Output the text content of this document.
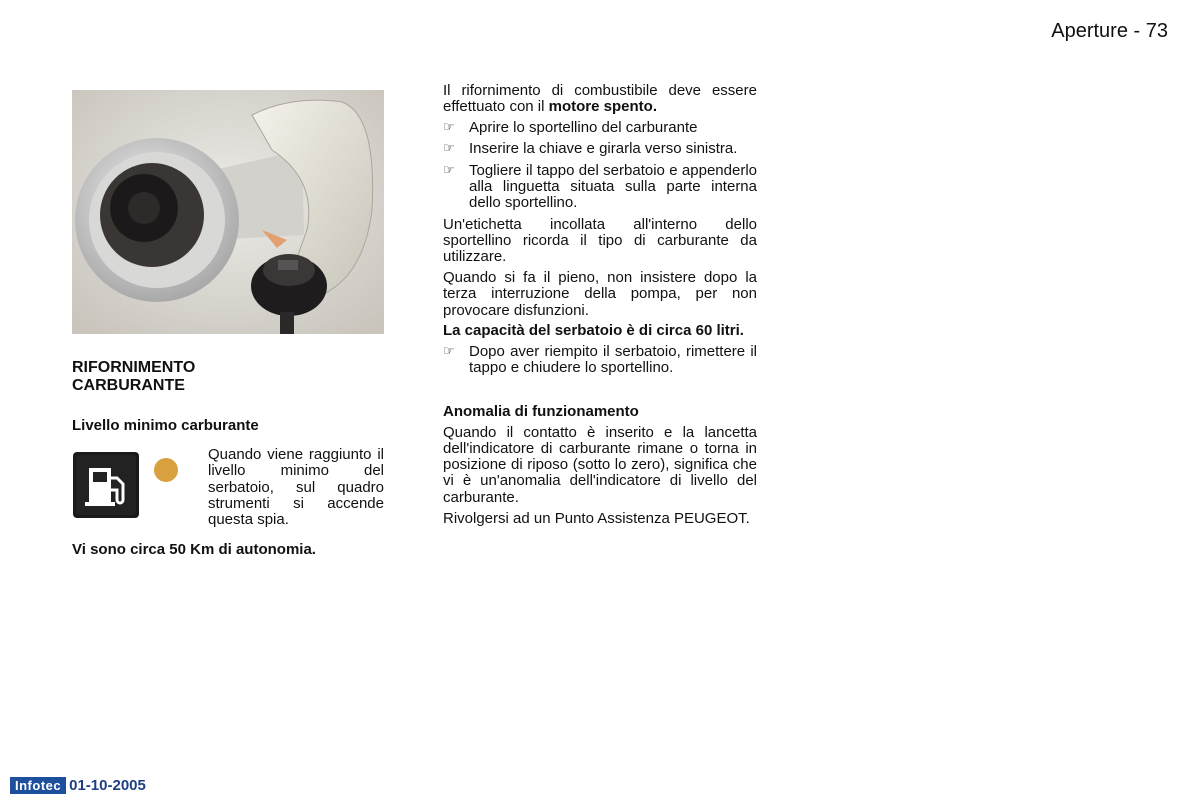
Aperture - 73
RIFORNIMENTO
CARBURANTE
Livello minimo carburante
Quando viene raggiunto il livello minimo del serbatoio, sul quadro strumenti si accende questa spia.
Vi sono circa 50 Km di autonomia.

Il rifornimento di combustibile deve essere effettuato con il motore spento.

☞ Aprire lo sportellino del carburante
☞ Inserire la chiave e girarla verso sinistra.
☞ Togliere il tappo del serbatoio e appenderlo alla linguetta situata sulla parte interna dello sportellino.

Un'etichetta incollata all'interno dello sportellino ricorda il tipo di carburante da utilizzare.

Quando si fa il pieno, non insistere dopo la terza interruzione della pompa, per non provocare disfunzioni.

La capacità del serbatoio è di circa 60 litri.

☞ Dopo aver riempito il serbatoio, rimettere il tappo e chiudere lo sportellino.

Anomalia di funzionamento

Quando il contatto è inserito e la lancetta dell'indicatore di carburante rimane o torna in posizione di riposo (sotto lo zero), significa che vi è un'anomalia dell'indicatore di livello del carburante.

Rivolgersi ad un Punto Assistenza PEUGEOT.

Infotec 01-10-2005
